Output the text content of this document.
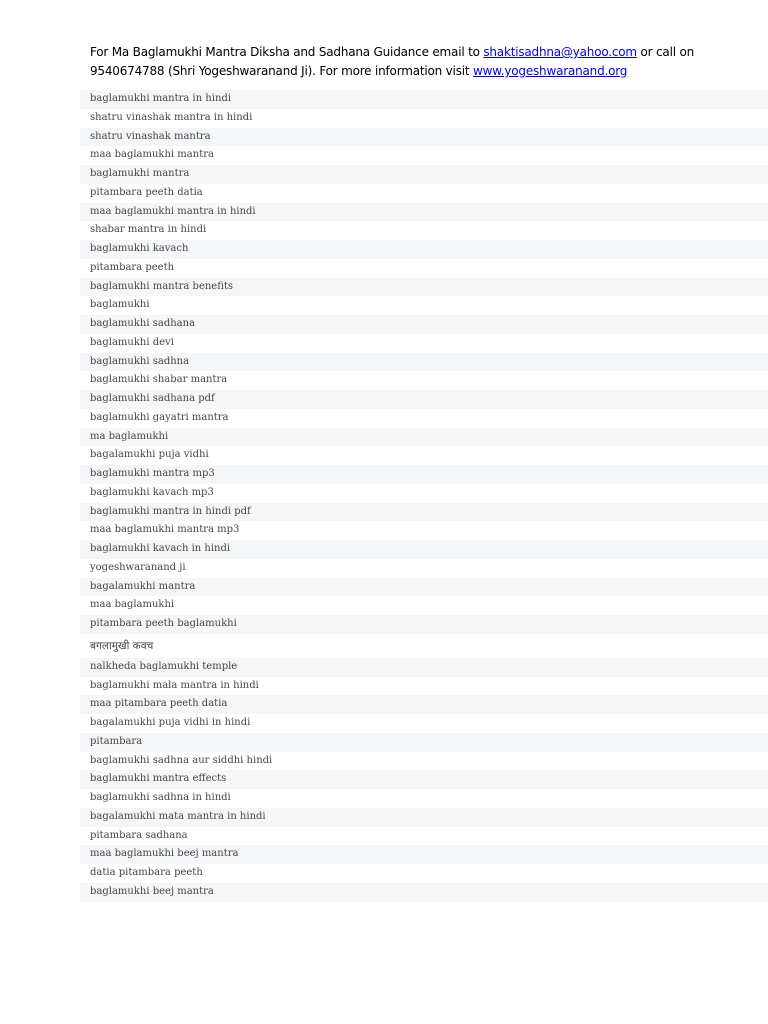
For Ma Baglamukhi Mantra Diksha and Sadhana Guidance email to shaktisadhna@yahoo.com or call on
9540674788 (Shri Yogeshwaranand Ji). For more information visit www.yogeshwaranand.org
baglamukhi mantra in hindi
shatru vinashak mantra in hindi
shatru vinashak mantra
maa baglamukhi mantra
baglamukhi mantra
pitambara peeth datia
maa baglamukhi mantra in hindi
shabar mantra in hindi
baglamukhi kavach
pitambara peeth
baglamukhi mantra benefits
baglamukhi
baglamukhi sadhana
baglamukhi devi
baglamukhi sadhna
baglamukhi shabar mantra
baglamukhi sadhana pdf
baglamukhi gayatri mantra
ma baglamukhi
bagalamukhi puja vidhi
baglamukhi mantra mp3
baglamukhi kavach mp3
baglamukhi mantra in hindi pdf
maa baglamukhi mantra mp3
baglamukhi kavach in hindi
yogeshwaranand ji
bagalamukhi mantra
maa baglamukhi
pitambara peeth baglamukhi
बगलामुखी कवच
nalkheda baglamukhi temple
baglamukhi mala mantra in hindi
maa pitambara peeth datia
bagalamukhi puja vidhi in hindi
pitambara
baglamukhi sadhna aur siddhi hindi
baglamukhi mantra effects
baglamukhi sadhna in hindi
bagalamukhi mata mantra in hindi
pitambara sadhana
maa baglamukhi beej mantra
datia pitambara peeth
baglamukhi beej mantra
